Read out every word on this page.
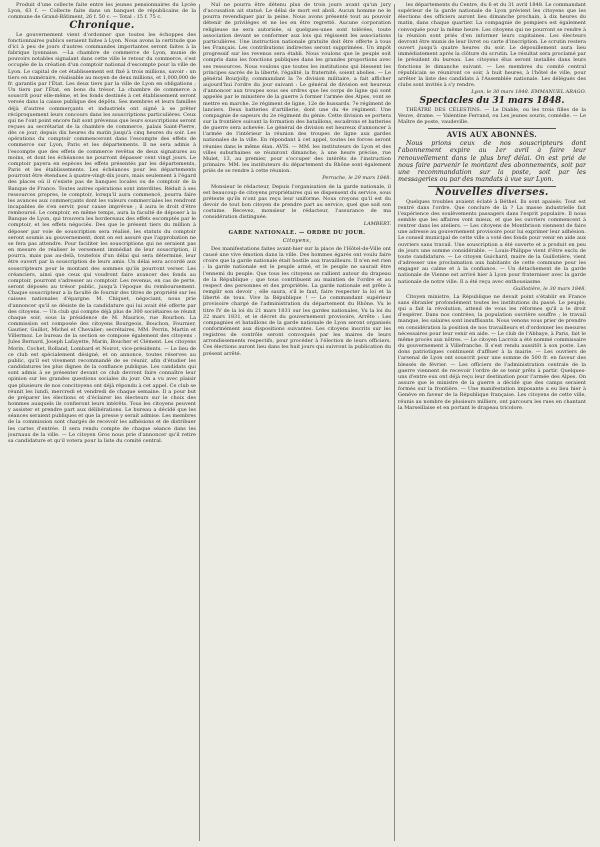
Produit d'une collecte faite entre les jeunes pensionnaires du Lycée Lyon, 63 f. — Collecte faite dans un banquet de républicains de la commune de Grand-Bâtiment, 26 f. 50 c. — Total : 15 f. 75 c.

Chronique.

Le gouvernement vient d'ordonner que toutes les échoppes des fonctionnaires publics seraient faites à Lyon. Nous avons la certitude que d'ici à peu de jours d'autres commandes importantes seront faites à la fabrique lyonnaise. —La chambre de commerce de Lyon, munie de pouvoirs notables signalant dans cette ville le retour du commerce, s'est occupée de la création d'un comptoir national d'escompte pour la ville de Lyon. Le capital de cet établissement est fixé à trois millions, savoir : un tiers en numéraire, réalisable au moyen de deux millions, et 1,000,000 de fr. garantis par l'État. Les deux tiers par la ville de Lyon en obligations ; Un tiers par l'État, en bons du trésor. La chambre de commerce a souscrit pour elle-même, et les fonds destinés à cet établissement seront versés dans la caisse publique des dépôts. Ses membres et leurs familles déjà d'autres commerçants et industriels ont signé à se prêter réciproquement leurs concours dans les souscriptions particulières. Ceux qui ne l'ont point encore fait sont prévenus que leurs souscriptions seront reçues au secrétariat de la chambre de commerce, palais Saint-Pierre, dès ce jour, depuis dix heures du matin jusqu'à cinq heures du soir. Les opérations du comptoir commenceront dans l'escompte des effets de commerce sur Lyon, Paris et les départements. Il ne sera admis à l'escompte que des effets de commerce revêtus de deux signatures au moins, et dont les échéances ne pourront dépasser cent vingt jours. Le comptoir payera en espèces les effets présentés par les départements, Paris et les établissements. Les échéances pour les départements pourront être étendues à quatre-vingt-dix jours, mais seulement à l'égard des places où il n'existe pas de banques locales ou de comptoir de la Banque de France. Toutes autres opérations sont interdites. Réduit à ses ressources propres, le comptoir, lorsqu'il aura commencé, pourra faire les avances aux commerçants dont les valeurs commerciales les rendront incapables de s'en servir, pour cause imprévue ; il aura le droit d'être remboursé. Le comptoir, en même temps, aura la faculté de déposer à la Banque de Lyon, qui trouvera les bordereaux des effets escomptés par le comptoir, et les effets négociés. Des que le présent tiers du million à déposer par voie de souscription sera réalisé, les statuts du comptoir seront soumis au gouvernement, dont on est assuré que l'approbation ne se fera pas attendre. Pour faciliter les souscriptions qui ne seraient pas en mesure de réaliser le versement immédiat de leur souscription, il pourra, mais pas au-delà, toutefois d'un délai qui sera déterminé, leur être ouvert par la souscription de leurs amis. Un délai sera accordé aux souscripteurs pour le montant des sommes qu'ils pourront verser. Les créanciers, ainsi que ceux qui voudront faire avancer des fonds au comptoir, pourront s'adresser au comptoir. Les revenus, en cas de perte, seront déposés au trésor public, jusqu'à l'époque du remboursement. Chaque souscripteur a la faculté de fournir des titres de propriété sur les caisses nationales d'épargne. M. Chiquet, négociant, nous prie d'annoncer qu'il se désiste de la candidature qui lui avait été offerte par des citoyens. — Un club qui compte déjà plus de 300 sociétaires se réunit chaque soir, sous la présidence de M. Maurice, rue Bourbon. La commission est composée des citoyens Bourgeois, Bouchon, Fournier, Gautier, Guillot, Michel et Chevalier; secrétaires, MM. Perrin, Martin et Villermoz. Le bureau de la section se compose également des citoyens : Jules Bernard, Joseph Lafayette, Marin, Boucher et Clément. Les citoyens Morin, Cochet, Rolland, Lombard et Noirot, vice-présidents. — Le lieu de ce club est spécialement désigné, et on annonce, toutes réserves au public, qu'il est vivement recommandé de se réunir, afin d'étudier les candidatures les plus dignes de la confiance publique. Les candidats qui sont admis à se présenter devant ce club devront faire connaître leur opinion sur les grandes questions sociales du jour. On a vu avec plaisir que plusieurs de nos concitoyens ont déjà répondu à cet appel. Ce club se réunit les lundi, mercredi et vendredi de chaque semaine. Il a pour but de préparer les élections et d'éclairer les électeurs sur le choix des hommes auxquels ils confieront leurs intérêts. Tous les citoyens peuvent y assister et prendre part aux délibérations. Le bureau a décidé que les séances seraient publiques et que la presse y serait admise. Les membres de la commission sont chargés de recevoir les adhésions et de distribuer les cartes d'entrée. Il sera rendu compte de chaque séance dans les journaux de la ville. — Le citoyen Gros nous prie d'annoncer qu'il retire sa candidature et qu'il votera pour la liste du comité central.

Nul ne pourra être détenu plus de trois jours avant qu'un jury d'accusation ait statué. Le délai de mort est aboli. Aucun homme ne le pourra revendiquer par la peine. Nous avons présenté tout au pouvoir détenir de privilèges et ne les en être regretté. Aucune corporation religieuse ne sera autorisée, si quelques-unes sont tolérées, toute association devant se conformer aux lois qui régissent les associations particulières. Une instruction nationale gratuite doit être offerte à tous les Français. Les contributions indirectes seront supprimées. Un impôt progressif sur les revenus sera établi. Nous voulons que le peuple soit compris dans les fonctions publiques dans les grandes proportions avec ses ressources. Nous voulons que toutes les institutions qui blessent les principes sacrés de la liberté, l'égalité, la fraternité, soient abolies. — Le général Bourjolly, commandant la 7e division militaire, a fait afficher aujourd'hui l'ordre du jour suivant : Le général de division est heureux d'annoncer aux troupes sous ses ordres que les corps de ligne qui sont appelés par le ministère de la guerre à former l'armée des Alpes, vont se mettre en marche. 2e régiment de ligne, 12e de hussards. 7e régiment de lanciers. Deux batteries d'artillerie, dont une du 4e régiment. Une compagnie de sapeurs du 2e régiment du génie. Cette division se portera sur la frontière suivant la formation des bataillons, escadrons et batteries de guerre sera achevée. Le général de division est heureux d'annoncer à l'armée de l'intérieur la réunion des troupes de ligne aux gardes nationales de la ville. En répondant à cet appel, toutes les forces seront réunies dans le même élan. AVIS. — MM. les instituteurs de Lyon et des villes suburbaines se réuniront dimanche, à une heure précise, rue Mulet, 13, au premier, pour s'occuper des intérêts de l'instruction primaire. MM. les instituteurs du département du Rhône sont également priés de se rendre à cette réunion.

Perrache, le 29 mars 1848.

Monsieur le rédacteur, Depuis l'organisation de la garde nationale, il est beaucoup de citoyens propriétaires qui se dispensent du service, sous prétexte qu'ils n'ont pas reçu leur uniforme. Nous croyons qu'il est du devoir de tout bon citoyen de prendre part au service, quel que soit son costume. Recevez, monsieur le rédacteur, l'assurance de ma considération distinguée.

LAMBERT.
GARDE NATIONALE. — ORDRE DU JOUR.
Citoyens,

Des manifestations faites avant-hier sur la place de l'Hôtel-de-Ville ont causé une vive émotion dans la ville. Des hommes égarés ont voulu faire croire que la garde nationale était hostile aux travailleurs. Il n'en est rien : la garde nationale est le peuple armé, et le peuple ne saurait être l'ennemi du peuple. Que tous les citoyens se rallient autour du drapeau de la République ; que tous contribuent au maintien de l'ordre et au respect des personnes et des propriétés. La garde nationale est prête à remplir son devoir ; elle saura, s'il le faut, faire respecter la loi et la liberté de tous. Vive la République ! — Le commandant supérieur provisoire chargé de l'administration du département du Rhône. Vu le titre IV de la loi du 21 mars 1831 sur les gardes nationales, Vu la loi du 22 mars 1831, et le décret du gouvernement provisoire, Arrête : Les compagnies et bataillons de la garde nationale de Lyon seront organisés conformément aux dispositions suivantes. Les citoyens inscrits sur les registres de contrôle seront convoqués par les maires de leurs arrondissements respectifs, pour procéder à l'élection de leurs officiers. Ces élections auront lieu dans les huit jours qui suivront la publication du présent arrêté.

les départements du Centre, du 6 et du 31 avril 1848. Le commandant supérieur de la garde nationale de Lyon prévient les citoyens que les élections des officiers auront lieu dimanche prochain, à dix heures du matin, dans chaque quartier. La compagnie de pompiers est également convoquée pour la même heure. Les citoyens qui ne pourront se rendre à la réunion sont priés d'en informer leurs capitaines. Les électeurs devront être munis de leur livret ou carte d'inscription. Le scrutin restera ouvert jusqu'à quatre heures du soir. Le dépouillement aura lieu immédiatement après la clôture du scrutin. Le résultat sera proclamé par le président du bureau. Les citoyens élus seront installés dans leurs fonctions le dimanche suivant. — Les membres du comité central républicain se réuniront ce soir, à huit heures, à l'hôtel de ville, pour arrêter la liste des candidats à l'Assemblée nationale. Les délégués des clubs sont invités à s'y rendre.

Lyon, le 30 mars 1848. EMMANUEL ARAGO.
Spectacles du 31 mars 1848.

THÉÂTRE DES CÉLESTINS. — Le Diable, ou les trois filles de la Veuve, drame. — Valentine Ferrand, ou Les jeunes souris, comédie. — Le Maître de poste, vaudeville.

AVIS AUX ABONNÉS.

Nous prions ceux de nos souscripteurs dont l'abonnement expire au 1er avril à faire leur renouvellement dans le plus bref délai. On est prié de nous faire parvenir le montant des abonnements, soit par une recommandation sur la poste, soit par les messageries ou par des mandats à vue sur Lyon.

Nouvelles diverses.

Quelques troubles avaient éclaté à Béthel. Ils sont apaisés. Tout est rentré dans l'ordre. Que conclure de là ? La masse industrielle fait l'expérience des soulèvements passagers dans l'esprit populaire. Il nous semble que les affaires vont mieux, et que les ouvriers commencent à rentrer dans les ateliers. — Les citoyens de Montbrison viennent de faire une adresse au gouvernement provisoire pour lui exprimer leur adhésion. Le conseil municipal de cette ville a voté des fonds pour venir en aide aux ouvriers sans travail. Une souscription a été ouverte et a produit en peu de jours une somme considérable. — Louis-Philippe vient d'être exclu de toute candidature. — Le citoyen Guichard, maire de la Guillotière, vient d'adresser une proclamation aux habitants de cette commune pour les engager au calme et à la confiance. — Un détachement de la garde nationale de Vienne est arrivé hier à Lyon pour fraterniser avec la garde nationale de notre ville. Il a été reçu avec enthousiasme.

Guillotière, le 30 mars 1848.

Citoyen ministre, La République ne devait point s'établir en France sans ébranler profondément toutes les institutions du passé. Le peuple, qui a fait la révolution, attend de vous les réformes qu'il a le droit d'espérer. Dans nos contrées, la population ouvrière souffre ; le travail manque, les salaires sont insuffisants. Nous venons vous prier de prendre en considération la position de nos travailleurs et d'ordonner les mesures nécessaires pour leur venir en aide. — Le club de l'Abbaye, à Paris, fait le même procès aux nôtres. — Le citoyen Lacroix a été nommé commissaire du gouvernement à Villefranche. Il s'est rendu aussitôt à son poste. Les dons patriotiques continuent d'affluer à la mairie. — Les ouvriers de l'arsenal de Lyon ont souscrit pour une somme de 500 fr. en faveur des blessés de février. — Les officiers de l'administration centrale de la guerre viennent de recevoir l'ordre de se tenir prêts à partir. Quelques-uns d'entre eux ont déjà reçu leur destination pour l'armée des Alpes. On assure que le ministre de la guerre a décidé que des camps seraient formés sur la frontière. — Une manifestation imposante a eu lieu hier à Genève en faveur de la République française. Les citoyens de cette ville, réunis au nombre de plusieurs milliers, ont parcouru les rues en chantant la Marseillaise et en portant le drapeau tricolore.
